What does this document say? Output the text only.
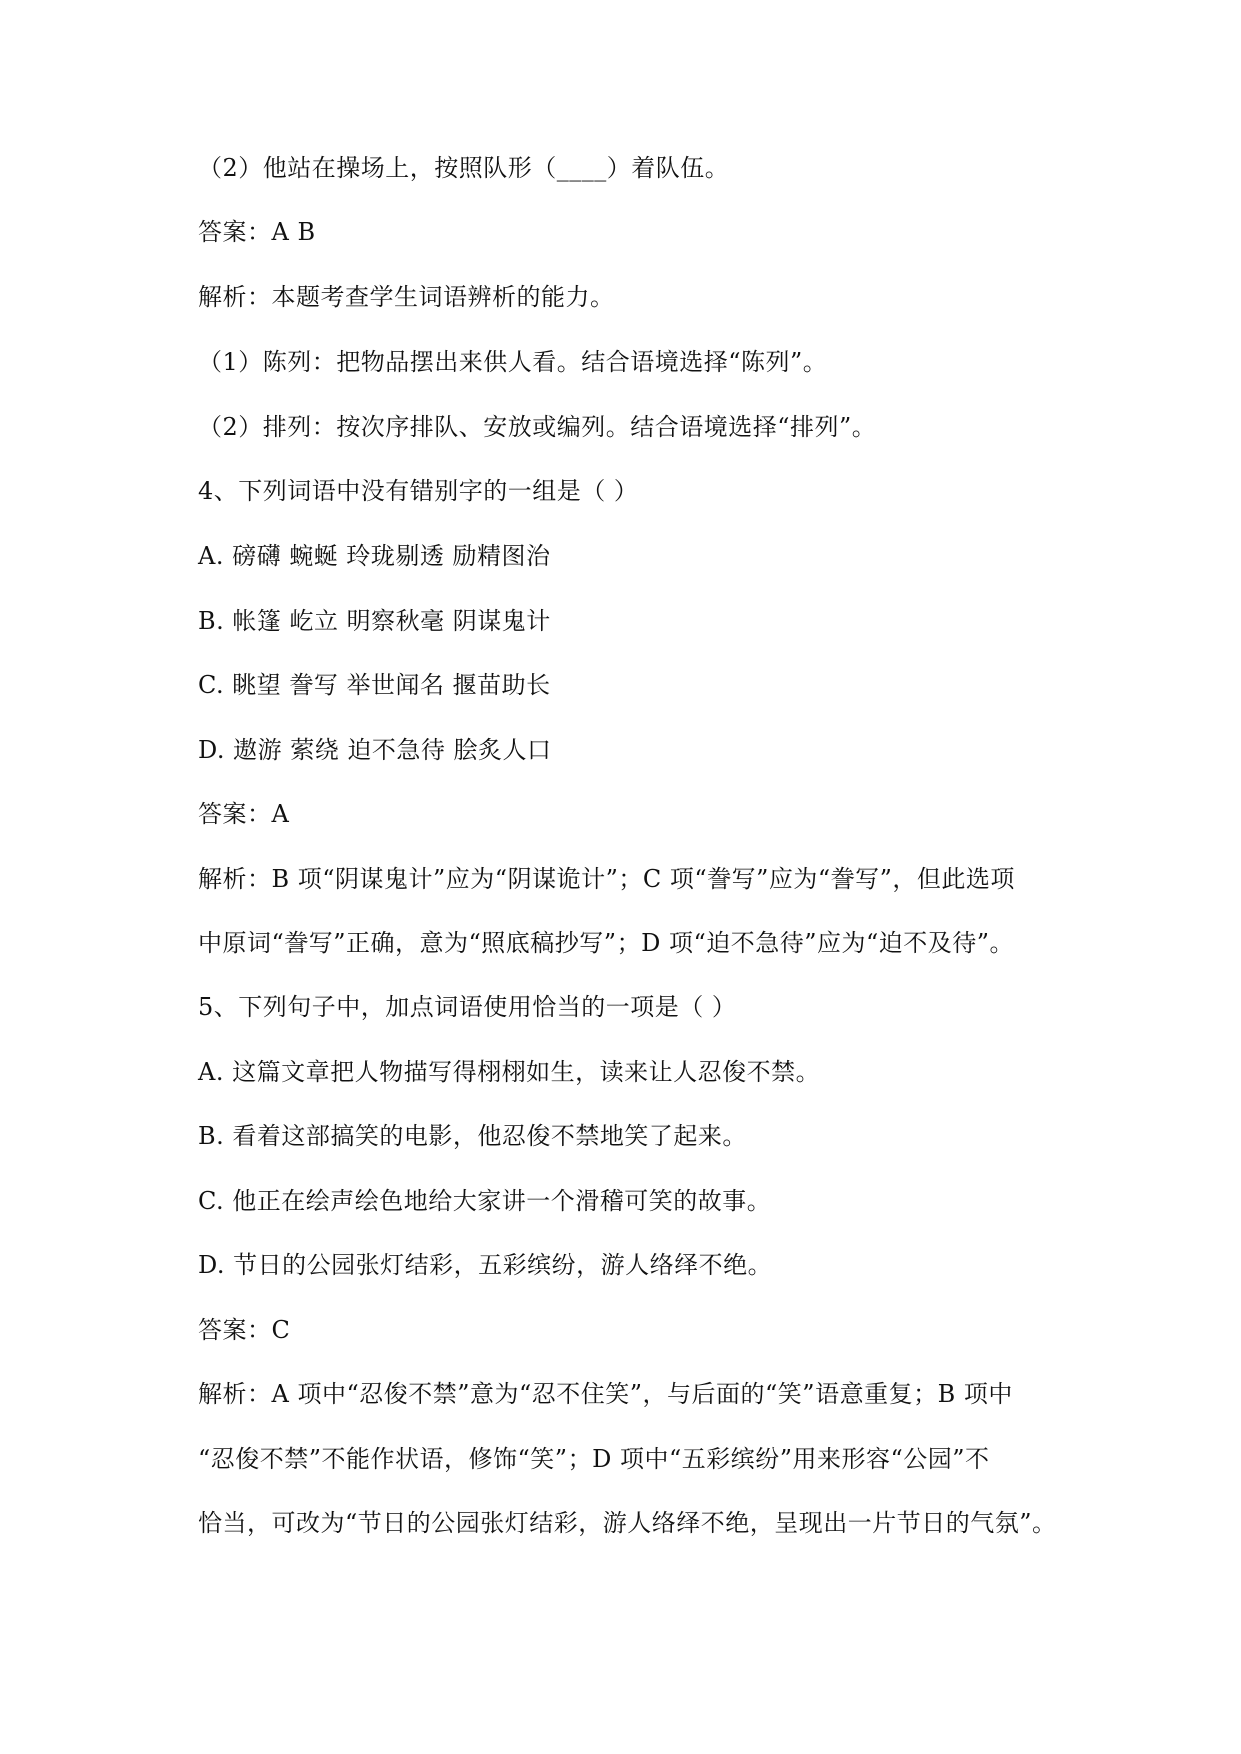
（2）他站在操场上，按照队形（____）着队伍。
答案：A B
解析：本题考查学生词语辨析的能力。
（1）陈列：把物品摆出来供人看。结合语境选择“陈列”。
（2）排列：按次序排队、安放或编列。结合语境选择“排列”。
4、下列词语中没有错别字的一组是（ ）
A. 磅礴 蜿蜒 玲珑剔透 励精图治
B. 帐篷 屹立 明察秋毫 阴谋鬼计
C. 眺望 誊写 举世闻名 揠苗助长
D. 遨游 萦绕 迫不急待 脍炙人口
答案：A
解析：B 项“阴谋鬼计”应为“阴谋诡计”；C 项“誊写”应为“誊写”，但此选项
中原词“誊写”正确，意为“照底稿抄写”；D 项“迫不急待”应为“迫不及待”。
5、下列句子中，加点词语使用恰当的一项是（ ）
A. 这篇文章把人物描写得栩栩如生，读来让人忍俊不禁。
B. 看着这部搞笑的电影，他忍俊不禁地笑了起来。
C. 他正在绘声绘色地给大家讲一个滑稽可笑的故事。
D. 节日的公园张灯结彩，五彩缤纷，游人络绎不绝。
答案：C
解析：A 项中“忍俊不禁”意为“忍不住笑”，与后面的“笑”语意重复；B 项中
“忍俊不禁”不能作状语，修饰“笑”；D 项中“五彩缤纷”用来形容“公园”不
恰当，可改为“节日的公园张灯结彩，游人络绎不绝，呈现出一片节日的气氛”。
